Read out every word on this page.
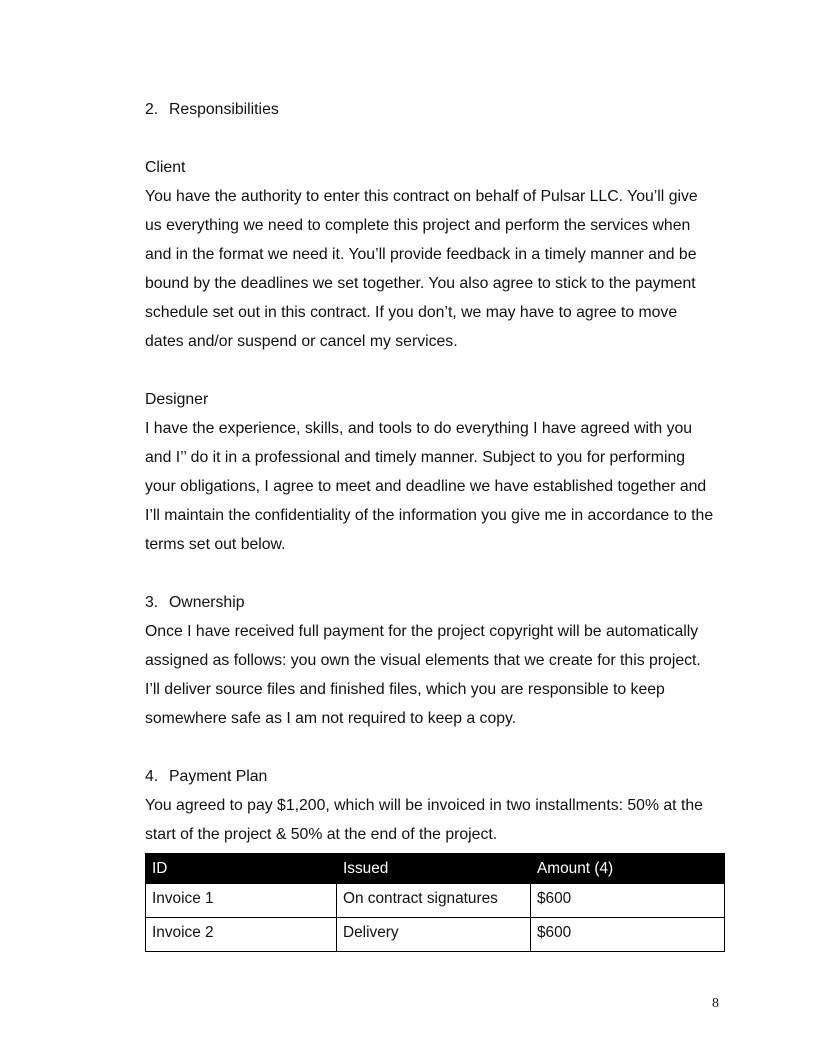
2. Responsibilities
Client
You have the authority to enter this contract on behalf of Pulsar LLC. You’ll give
us everything we need to complete this project and perform the services when
and in the format we need it. You’ll provide feedback in a timely manner and be
bound by the deadlines we set together. You also agree to stick to the payment
schedule set out in this contract. If you don’t, we may have to agree to move
dates and/or suspend or cancel my services.
Designer
I have the experience, skills, and tools to do everything I have agreed with you
and I’’ do it in a professional and timely manner. Subject to you for performing
your obligations, I agree to meet and deadline we have established together and
I’ll maintain the confidentiality of the information you give me in accordance to the
terms set out below.
3. Ownership
Once I have received full payment for the project copyright will be automatically
assigned as follows: you own the visual elements that we create for this project.
I’ll deliver source files and finished files, which you are responsible to keep
somewhere safe as I am not required to keep a copy.
4. Payment Plan
You agreed to pay $1,200, which will be invoiced in two installments: 50% at the
start of the project & 50% at the end of the project.
ID	Issued	Amount (4)
Invoice 1	On contract signatures	$600
Invoice 2	Delivery	$600
8
